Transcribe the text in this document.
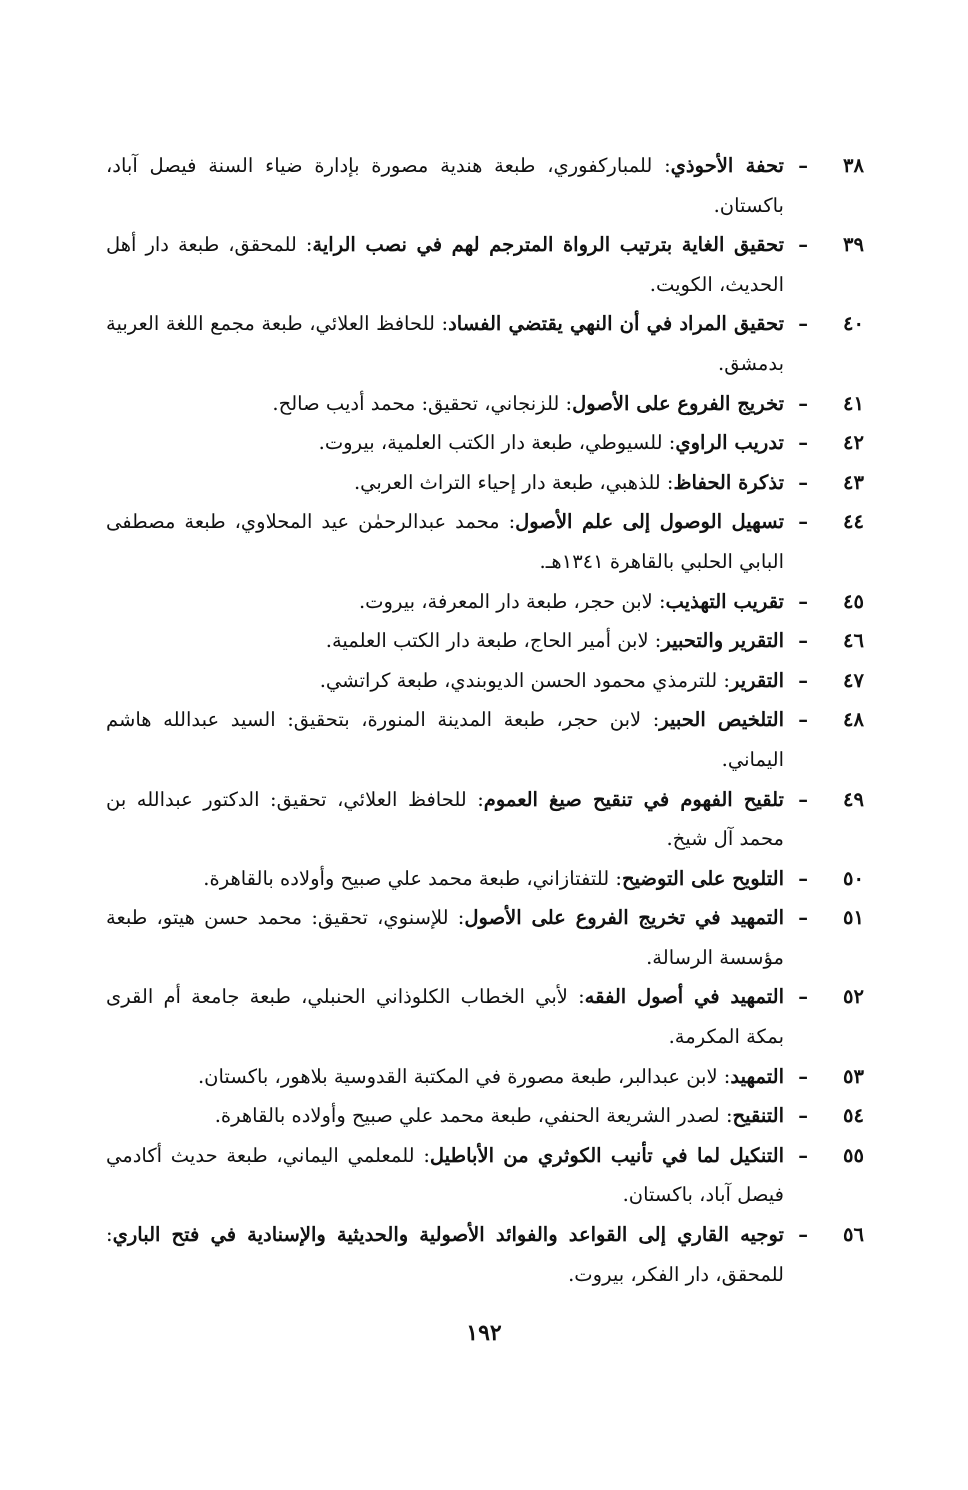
٣٨
–
تحفة الأحوذي: للمباركفوري، طبعة هندية مصورة بإدارة ضياء السنة فيصل آباد، باكستان.
٣٩
–
تحقيق الغاية بترتيب الرواة المترجم لهم في نصب الراية: للمحقق، طبعة دار أهل الحديث، الكويت.
٤٠
–
تحقيق المراد في أن النهي يقتضي الفساد: للحافظ العلائي، طبعة مجمع اللغة العربية بدمشق.
٤١
–
تخريج الفروع على الأصول: للزنجاني، تحقيق: محمد أديب صالح.
٤٢
–
تدريب الراوي: للسيوطي، طبعة دار الكتب العلمية، بيروت.
٤٣
–
تذكرة الحفاظ: للذهبي، طبعة دار إحياء التراث العربي.
٤٤
–
تسهيل الوصول إلى علم الأصول: محمد عبدالرحمٰن عيد المحلاوي، طبعة مصطفى البابي الحلبي بالقاهرة ١٣٤١هـ.
٤٥
–
تقريب التهذيب: لابن حجر، طبعة دار المعرفة، بيروت.
٤٦
–
التقرير والتحبير: لابن أمير الحاج، طبعة دار الكتب العلمية.
٤٧
–
التقرير: للترمذي محمود الحسن الديوبندي، طبعة كراتشي.
٤٨
–
التلخيص الحبير: لابن حجر، طبعة المدينة المنورة، بتحقيق: السيد عبدالله هاشم اليماني.
٤٩
–
تلقيح الفهوم في تنقيح صيغ العموم: للحافظ العلائي، تحقيق: الدكتور عبدالله بن محمد آل شيخ.
٥٠
–
التلويح على التوضيح: للتفتازاني، طبعة محمد علي صبيح وأولاده بالقاهرة.
٥١
–
التمهيد في تخريج الفروع على الأصول: للإسنوي، تحقيق: محمد حسن هيتو، طبعة مؤسسة الرسالة.
٥٢
–
التمهيد في أصول الفقه: لأبي الخطاب الكلوذاني الحنبلي، طبعة جامعة أم القرى بمكة المكرمة.
٥٣
–
التمهيد: لابن عبدالبر، طبعة مصورة في المكتبة القدوسية بلاهور، باكستان.
٥٤
–
التنقيح: لصدر الشريعة الحنفي، طبعة محمد علي صبيح وأولاده بالقاهرة.
٥٥
–
التنكيل لما في تأنيب الكوثري من الأباطيل: للمعلمي اليماني، طبعة حديث أكادمي فيصل آباد، باكستان.
٥٦
–
توجيه القاري إلى القواعد والفوائد الأصولية والحديثية والإسنادية في فتح الباري: للمحقق، دار الفكر، بيروت.
١٩٢
